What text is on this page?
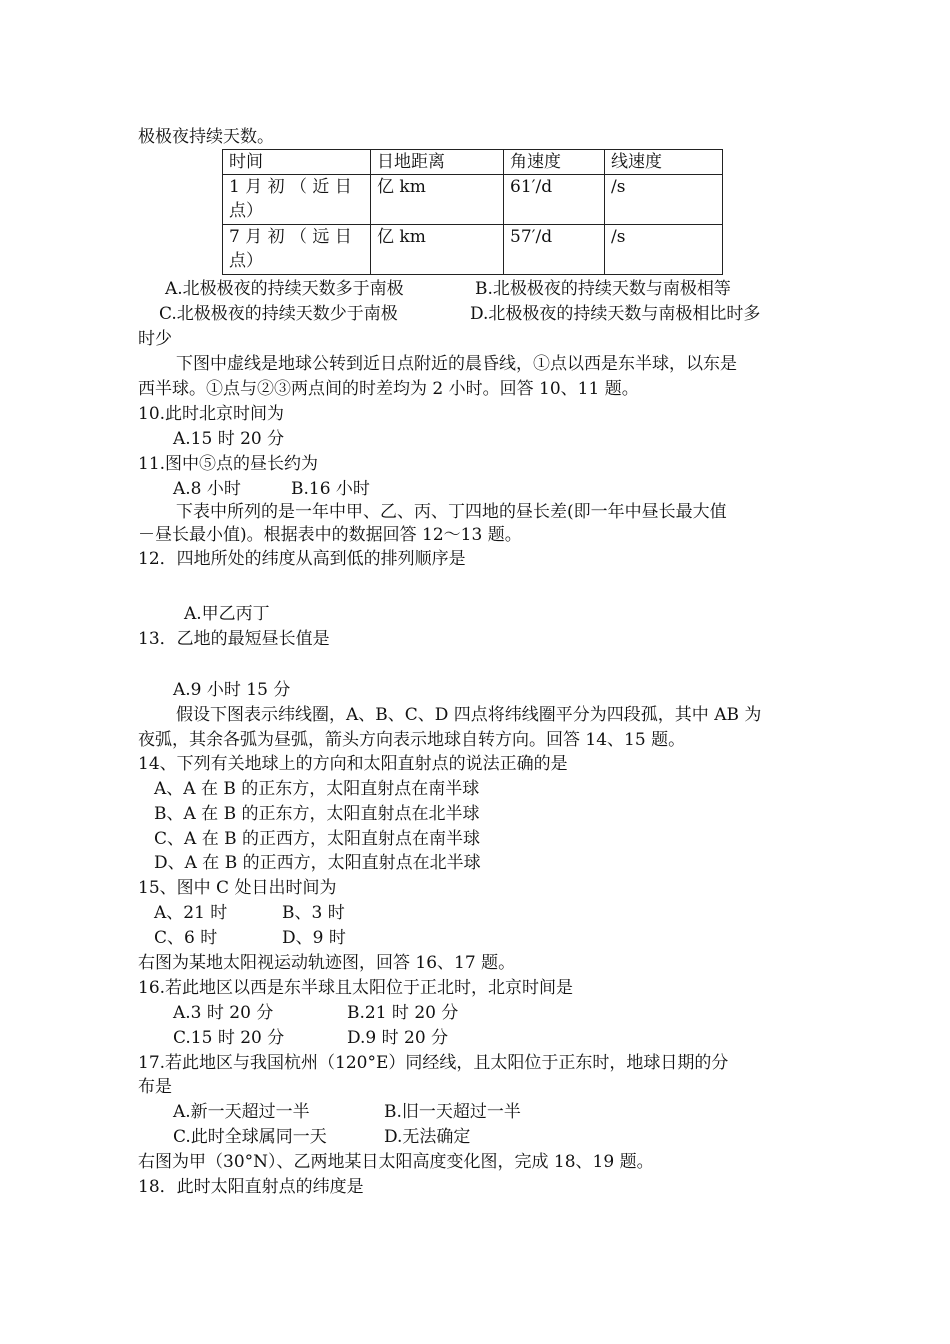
极极夜持续天数。
时间	日地距离	角速度	线速度

1 月 初 （ 近 日
点）	亿 km	61′/d	/s

7 月 初 （ 远 日
点）	亿 km	57′/d	/s
A.北极极夜的持续天数多于南极	B.北极极夜的持续天数与南极相等
C.北极极夜的持续天数少于南极	D.北极极夜的持续天数与南极相比时多
时少
下图中虚线是地球公转到近日点附近的晨昏线，①点以西是东半球，以东是
西半球。①点与②③两点间的时差均为 2 小时。回答 10、11 题。
10.此时北京时间为
A.15 时 20 分
11.图中⑤点的昼长约为
A.8 小时	B.16 小时
下表中所列的是一年中甲、乙、丙、丁四地的昼长差(即一年中昼长最大值
－昼长最小值)。根据表中的数据回答 12～13 题。
12．四地所处的纬度从高到低的排列顺序是
A.甲乙丙丁
13．乙地的最短昼长值是
A.9 小时 15 分
假设下图表示纬线圈，A、B、C、D 四点将纬线圈平分为四段孤，其中 AB 为
夜弧，其余各弧为昼弧，箭头方向表示地球自转方向。回答 14、15 题。
14、下列有关地球上的方向和太阳直射点的说法正确的是
A、A 在 B 的正东方，太阳直射点在南半球
B、A 在 B 的正东方，太阳直射点在北半球
C、A 在 B 的正西方，太阳直射点在南半球
D、A 在 B 的正西方，太阳直射点在北半球
15、图中 C 处日出时间为
A、21 时	B、3 时
C、6 时	D、9 时
右图为某地太阳视运动轨迹图，回答 16、17 题。
16.若此地区以西是东半球且太阳位于正北时，北京时间是
A.3 时 20 分	B.21 时 20 分
C.15 时 20 分	D.9 时 20 分
17.若此地区与我国杭州（120°E）同经线，且太阳位于正东时，地球日期的分
布是
A.新一天超过一半	B.旧一天超过一半
C.此时全球属同一天	D.无法确定
右图为甲（30°N）、乙两地某日太阳高度变化图，完成 18、19 题。
18．此时太阳直射点的纬度是
